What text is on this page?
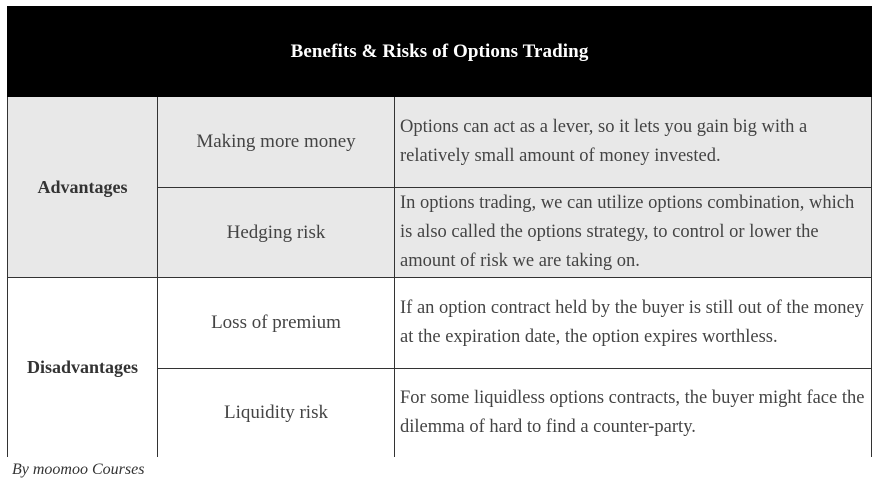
Benefits & Risks of Options Trading
Advantages
Making more money
Options can act as a lever, so it lets you gain big with a relatively small amount of money invested.
Hedging risk
In options trading, we can utilize options combination, which is also called the options strategy, to control or lower the amount of risk we are taking on.
Disadvantages
Loss of premium
If an option contract held by the buyer is still out of the money at the expiration date, the option expires worthless.
Liquidity risk
For some liquidless options contracts, the buyer might face the dilemma of hard to find a counter-party.
By moomoo Courses
